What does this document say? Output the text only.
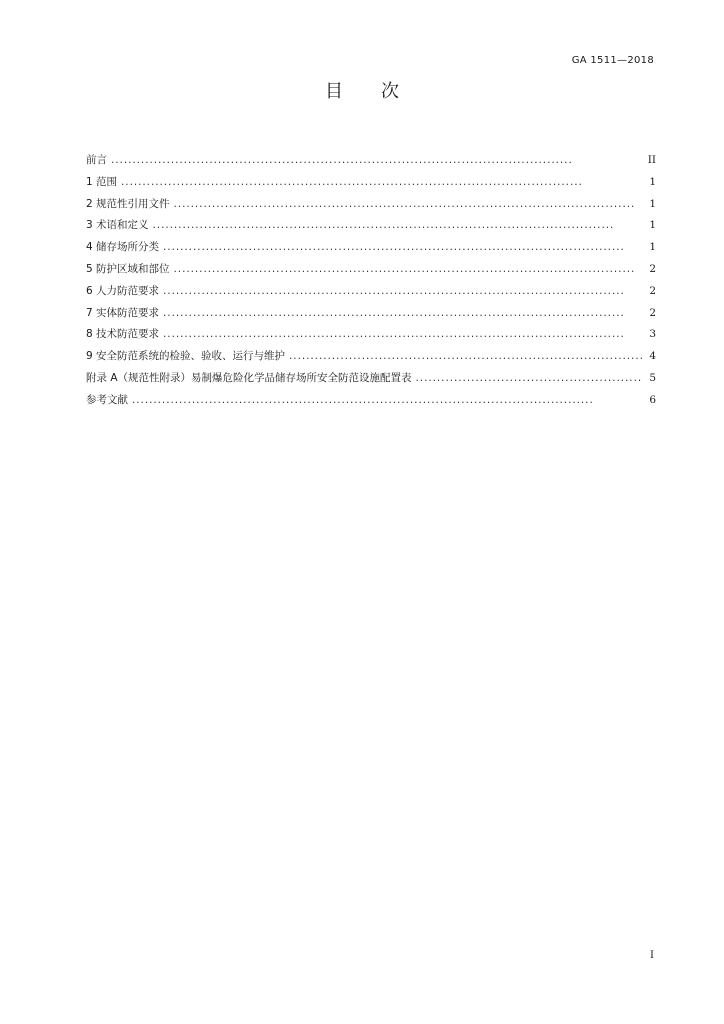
GA 1511—2018
目 次
前言 . . .	II
1 范围 . . .	1
2 规范性引用文件 . . .	1
3 术语和定义 . . .	1
4 储存场所分类 . . .	1
5 防护区域和部位 . . .	2
6 人力防范要求 . . .	2
7 实体防范要求 . . .	2
8 技术防范要求 . . .	3
9 安全防范系统的检验、验收、运行与维护 . . .	4
附录 A（规范性附录）易制爆危险化学品储存场所安全防范设施配置表 . . .	5
参考文献 . . .	6
I
